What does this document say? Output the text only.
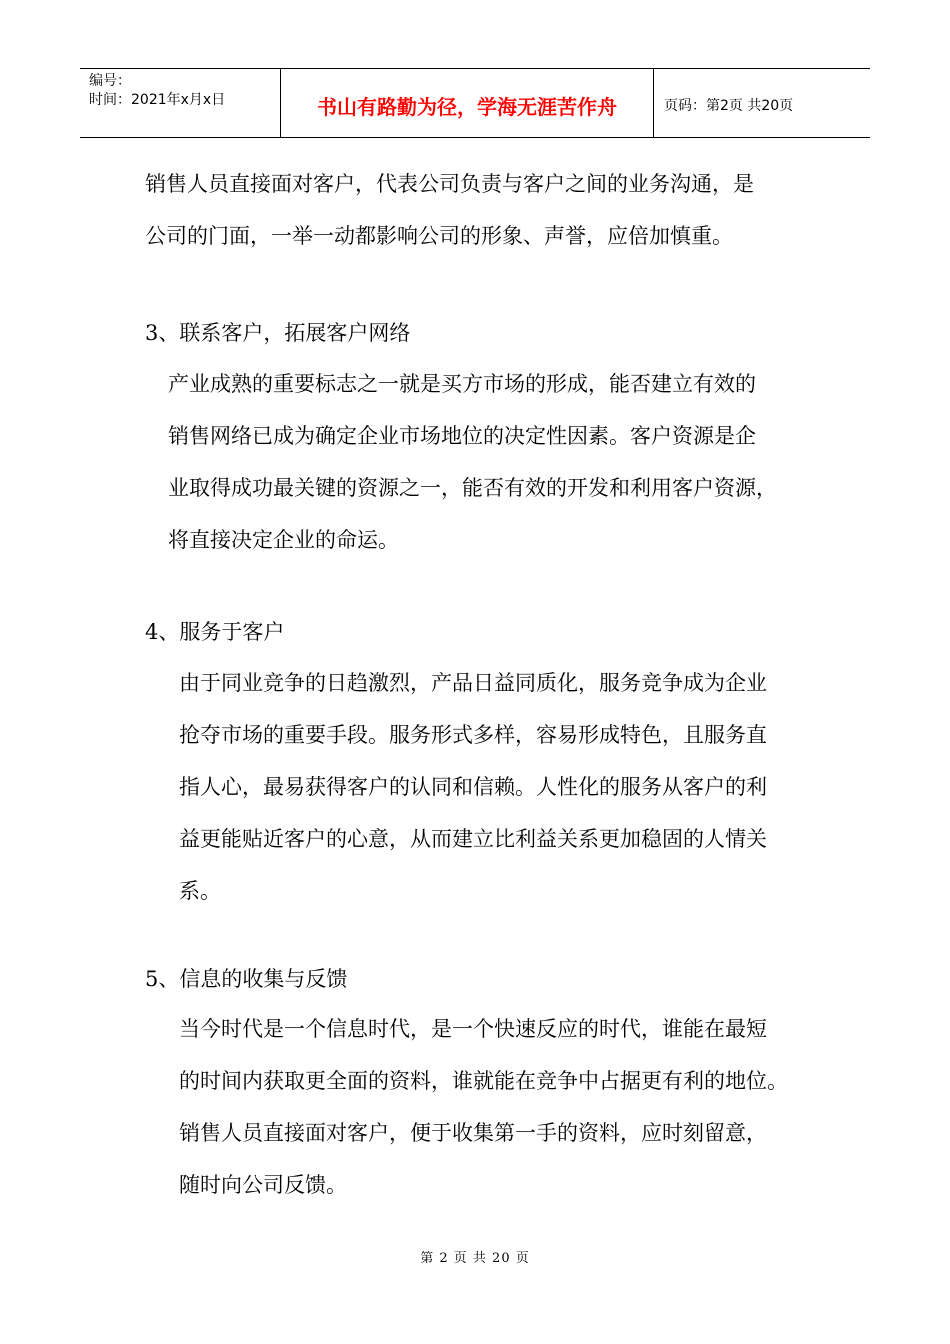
编号：
时间：2021年x月x日	书山有路勤为径，学海无涯苦作舟	页码：第2页 共20页

销售人员直接面对客户，代表公司负责与客户之间的业务沟通，是

公司的门面，一举一动都影响公司的形象、声誉，应倍加慎重。

3、联系客户，拓展客户网络

产业成熟的重要标志之一就是买方市场的形成，能否建立有效的

销售网络已成为确定企业市场地位的决定性因素。客户资源是企

业取得成功最关键的资源之一，能否有效的开发和利用客户资源，

将直接决定企业的命运。

4、服务于客户

由于同业竞争的日趋激烈，产品日益同质化，服务竞争成为企业

抢夺市场的重要手段。服务形式多样，容易形成特色，且服务直

指人心，最易获得客户的认同和信赖。人性化的服务从客户的利

益更能贴近客户的心意，从而建立比利益关系更加稳固的人情关

系。

5、信息的收集与反馈

当今时代是一个信息时代，是一个快速反应的时代，谁能在最短

的时间内获取更全面的资料，谁就能在竞争中占据更有利的地位。

销售人员直接面对客户，便于收集第一手的资料，应时刻留意，

随时向公司反馈。

第 2 页 共 20 页
